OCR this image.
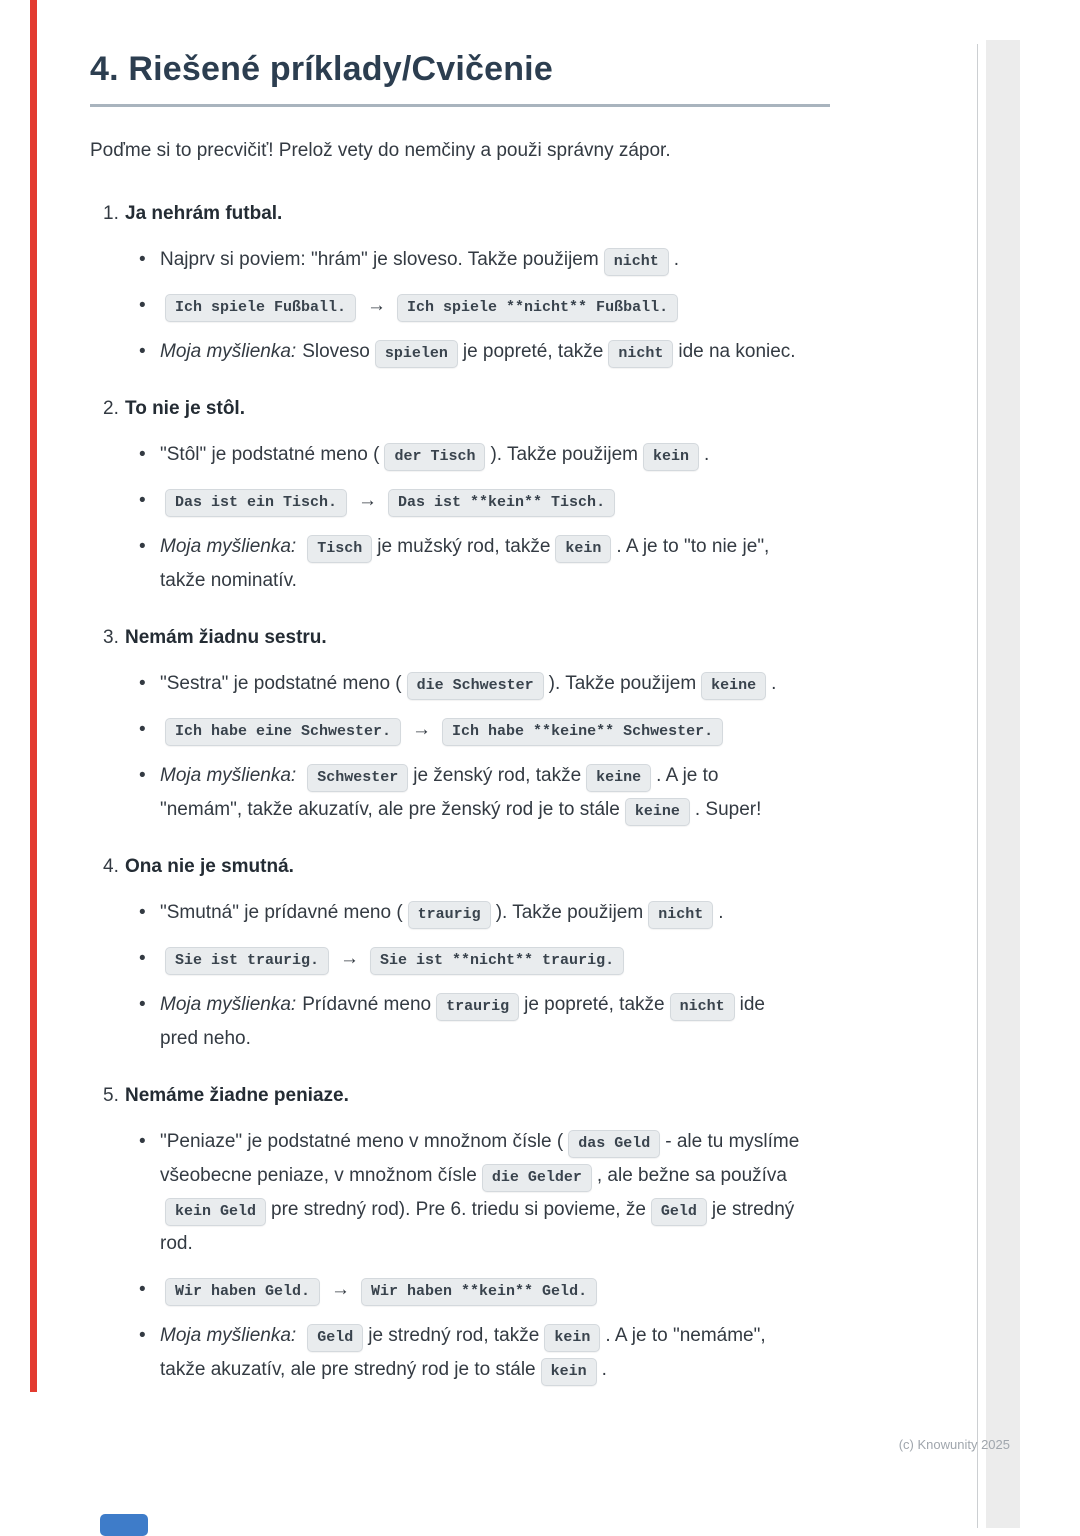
4. Riešené príklady/Cvičenie

Poďme si to precvičiť! Prelož vety do nemčiny a použi správny zápor.

1. Ja nehrám futbal.
• Najprv si poviem: "hrám" je sloveso. Takže použijem nicht .
• Ich spiele Fußball. → Ich spiele **nicht** Fußball.
• Moja myšlienka: Sloveso spielen je popreté, takže nicht ide na koniec.
2. To nie je stôl.
• "Stôl" je podstatné meno ( der Tisch ). Takže použijem kein .
• Das ist ein Tisch. → Das ist **kein** Tisch.
• Moja myšlienka: Tisch je mužský rod, takže kein . A je to "to nie je", takže nominatív.
3. Nemám žiadnu sestru.
• "Sestra" je podstatné meno ( die Schwester ). Takže použijem keine .
• Ich habe eine Schwester. → Ich habe **keine** Schwester.
• Moja myšlienka: Schwester je ženský rod, takže keine . A je to "nemám", takže akuzatív, ale pre ženský rod je to stále keine . Super!
4. Ona nie je smutná.
• "Smutná" je prídavné meno ( traurig ). Takže použijem nicht .
• Sie ist traurig. → Sie ist **nicht** traurig.
• Moja myšlienka: Prídavné meno traurig je popreté, takže nicht ide pred neho.
5. Nemáme žiadne peniaze.
• "Peniaze" je podstatné meno v množnom čísle ( das Geld - ale tu myslíme všeobecne peniaze, v množnom čísle die Gelder , ale bežne sa používakein Geld pre stredný rod). Pre 6. triedu si povieme, že Geld je stredný rod.
• Wir haben Geld. → Wir haben **kein** Geld.
• Moja myšlienka: Geld je stredný rod, takže kein . A je to "nemáme", takže akuzatív, ale pre stredný rod je to stále kein .
(c) Knowunity 2025
